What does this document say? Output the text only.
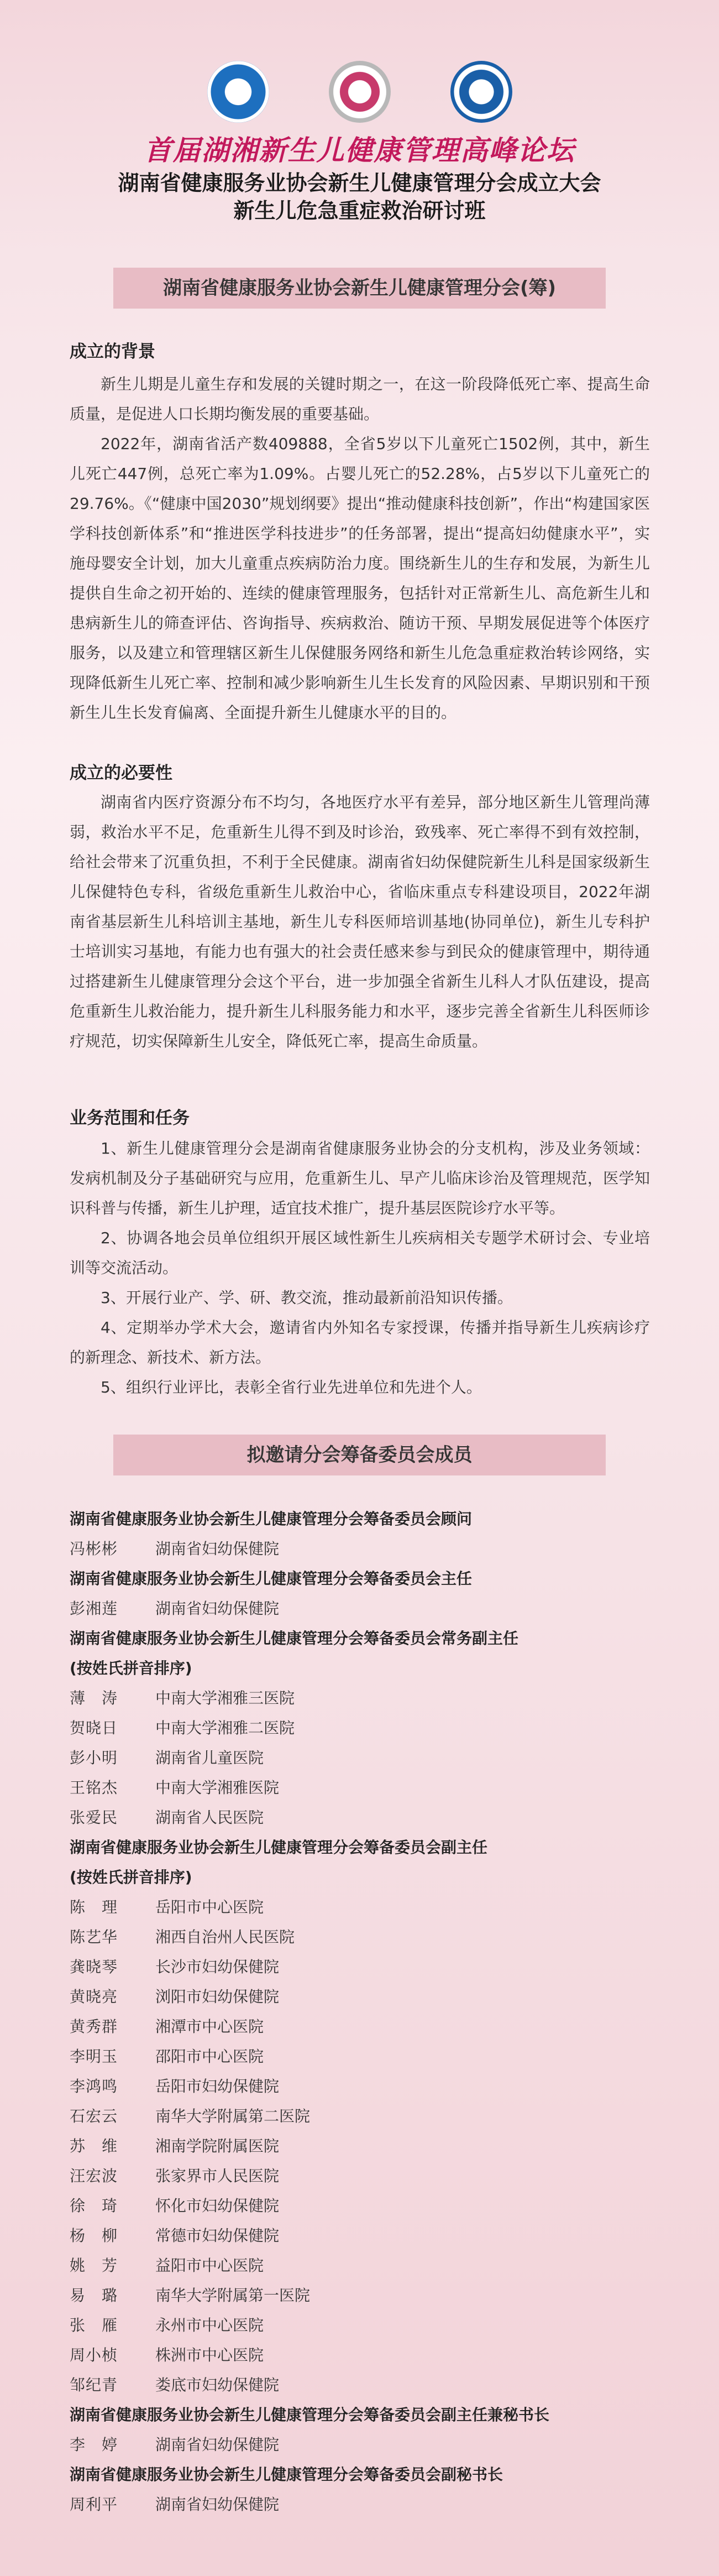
湘	保
首届湖湘新生儿健康管理高峰论坛
湖南省健康服务业协会新生儿健康管理分会成立大会
新生儿危急重症救治研讨班
湖南省健康服务业协会新生儿健康管理分会(筹)
成立的背景

新生儿期是儿童生存和发展的关键时期之一，在这一阶段降低死亡率、提高生命质量，是促进人口长期均衡发展的重要基础。

2022年，湖南省活产数409888，全省5岁以下儿童死亡1502例，其中，新生儿死亡447例，总死亡率为1.09%。占婴儿死亡的52.28%，占5岁以下儿童死亡的29.76%。《“健康中国2030”规划纲要》提出“推动健康科技创新”，作出“构建国家医学科技创新体系”和“推进医学科技进步”的任务部署，提出“提高妇幼健康水平”，实施母婴安全计划，加大儿童重点疾病防治力度。围绕新生儿的生存和发展，为新生儿提供自生命之初开始的、连续的健康管理服务，包括针对正常新生儿、高危新生儿和患病新生儿的筛查评估、咨询指导、疾病救治、随访干预、早期发展促进等个体医疗服务，以及建立和管理辖区新生儿保健服务网络和新生儿危急重症救治转诊网络，实现降低新生儿死亡率、控制和减少影响新生儿生长发育的风险因素、早期识别和干预新生儿生长发育偏离、全面提升新生儿健康水平的目的。

成立的必要性

湖南省内医疗资源分布不均匀，各地医疗水平有差异，部分地区新生儿管理尚薄弱，救治水平不足，危重新生儿得不到及时诊治，致残率、死亡率得不到有效控制，给社会带来了沉重负担，不利于全民健康。湖南省妇幼保健院新生儿科是国家级新生儿保健特色专科，省级危重新生儿救治中心，省临床重点专科建设项目，2022年湖南省基层新生儿科培训主基地，新生儿专科医师培训基地(协同单位)，新生儿专科护士培训实习基地，有能力也有强大的社会责任感来参与到民众的健康管理中，期待通过搭建新生儿健康管理分会这个平台，进一步加强全省新生儿科人才队伍建设，提高危重新生儿救治能力，提升新生儿科服务能力和水平，逐步完善全省新生儿科医师诊疗规范，切实保障新生儿安全，降低死亡率，提高生命质量。

业务范围和任务

1、新生儿健康管理分会是湖南省健康服务业协会的分支机构，涉及业务领域：发病机制及分子基础研究与应用，危重新生儿、早产儿临床诊治及管理规范，医学知识科普与传播，新生儿护理，适宜技术推广，提升基层医院诊疗水平等。

2、协调各地会员单位组织开展区域性新生儿疾病相关专题学术研讨会、专业培训等交流活动。

3、开展行业产、学、研、教交流，推动最新前沿知识传播。

4、定期举办学术大会，邀请省内外知名专家授课，传播并指导新生儿疾病诊疗的新理念、新技术、新方法。

5、组织行业评比，表彰全省行业先进单位和先进个人。

拟邀请分会筹备委员会成员
湖南省健康服务业协会新生儿健康管理分会筹备委员会顾问
冯彬彬	湖南省妇幼保健院
湖南省健康服务业协会新生儿健康管理分会筹备委员会主任
彭湘莲	湖南省妇幼保健院
湖南省健康服务业协会新生儿健康管理分会筹备委员会常务副主任
(按姓氏拼音排序)
薄　涛	中南大学湘雅三医院
贺晓日	中南大学湘雅二医院
彭小明	湖南省儿童医院
王铭杰	中南大学湘雅医院
张爱民	湖南省人民医院
湖南省健康服务业协会新生儿健康管理分会筹备委员会副主任
(按姓氏拼音排序)
陈　理	岳阳市中心医院
陈艺华	湘西自治州人民医院
龚晓琴	长沙市妇幼保健院
黄晓亮	浏阳市妇幼保健院
黄秀群	湘潭市中心医院
李明玉	邵阳市中心医院
李鸿鸣	岳阳市妇幼保健院
石宏云	南华大学附属第二医院
苏　维	湘南学院附属医院
汪宏波	张家界市人民医院
徐　琦	怀化市妇幼保健院
杨　柳	常德市妇幼保健院
姚　芳	益阳市中心医院
易　璐	南华大学附属第一医院
张　雁	永州市中心医院
周小桢	株洲市中心医院
邹纪青	娄底市妇幼保健院
湖南省健康服务业协会新生儿健康管理分会筹备委员会副主任兼秘书长
李　婷	湖南省妇幼保健院
湖南省健康服务业协会新生儿健康管理分会筹备委员会副秘书长
周利平	湖南省妇幼保健院
